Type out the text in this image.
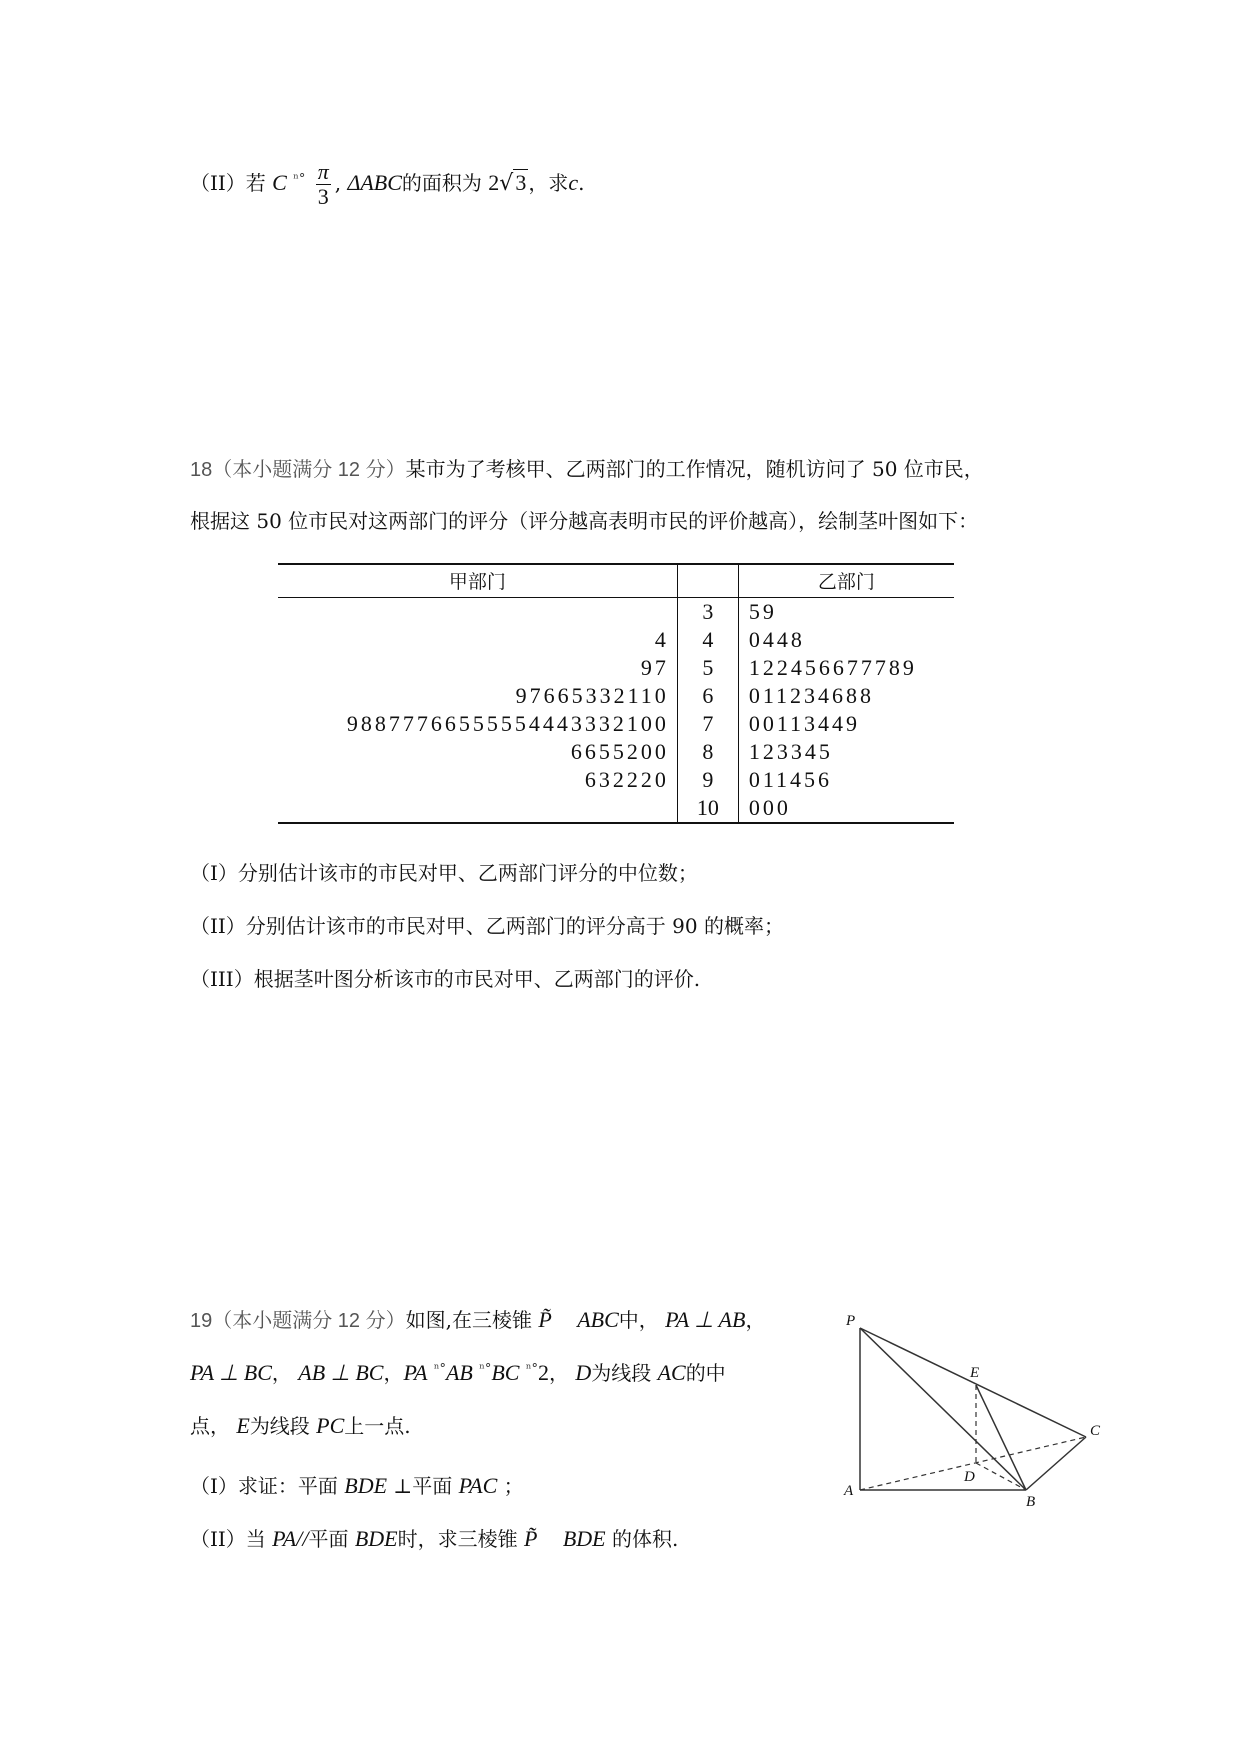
（II）若 C $^{^n^\circ} \frac{\pi}{3}$ , ΔABC的面积为 2√3 ，求c.
18（本小题满分 12 分）某市为了考核甲、乙两部门的工作情况，随机访问了 50 位市民，
根据这 50 位市民对这两部门的评分（评分越高表明市民的评价越高），绘制茎叶图如下：
甲部门		乙部门
	3	59
4	4	0448
97	5	122456677789
97665332110	6	011234688
98877766555554443332100	7	00113449
6655200	8	123345
632220	9	011456
	10	000
（I）分别估计该市的市民对甲、乙两部门评分的中位数；
（II）分别估计该市的市民对甲、乙两部门的评分高于 90 的概率；
（III）根据茎叶图分析该市的市民对甲、乙两部门的评价.
19（本小题满分 12 分）如图,在三棱锥 P̃ ABC中， PA ⊥ AB，
PA ⊥ BC， AB ⊥ BC，PA $^{^n^\circ}$AB $^{^n^\circ}$BC $^{^n^\circ}$2， D为线段 AC的中
点， E为线段 PC上一点.
（I）求证：平面 BDE ⊥平面 PAC ；
（II）当 PA//平面 BDE时，求三棱锥 P̃ BDE 的体积.
P
E
C
D
A
B
